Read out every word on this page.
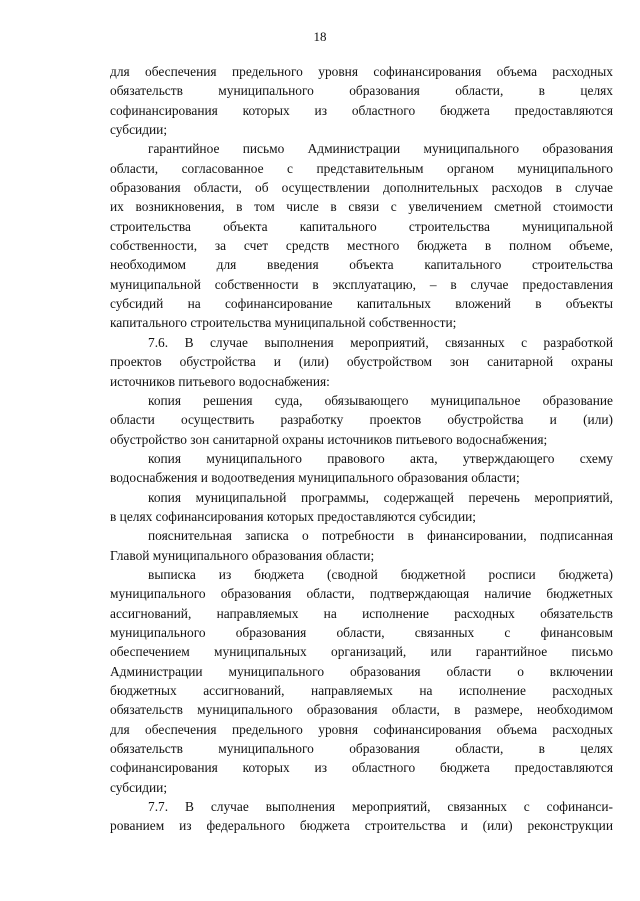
18
для обеспечения предельного уровня софинансирования объема расходных
обязательств муниципального образования области, в целях
софинансирования которых из областного бюджета предоставляются
субсидии;
гарантийное письмо Администрации муниципального образования
области, согласованное с представительным органом муниципального
образования области, об осуществлении дополнительных расходов в случае
их возникновения, в том числе в связи с увеличением сметной стоимости
строительства объекта капитального строительства муниципальной
собственности, за счет средств местного бюджета в полном объеме,
необходимом для введения объекта капитального строительства
муниципальной собственности в эксплуатацию, – в случае предоставления
субсидий на софинансирование капитальных вложений в объекты
капитального строительства муниципальной собственности;
7.6. В случае выполнения мероприятий, связанных с разработкой
проектов обустройства и (или) обустройством зон санитарной охраны
источников питьевого водоснабжения:
копия решения суда, обязывающего муниципальное образование
области осуществить разработку проектов обустройства и (или)
обустройство зон санитарной охраны источников питьевого водоснабжения;
копия муниципального правового акта, утверждающего схему
водоснабжения и водоотведения муниципального образования области;
копия муниципальной программы, содержащей перечень мероприятий,
в целях софинансирования которых предоставляются субсидии;
пояснительная записка о потребности в финансировании, подписанная
Главой муниципального образования области;
выписка из бюджета (сводной бюджетной росписи бюджета)
муниципального образования области, подтверждающая наличие бюджетных
ассигнований, направляемых на исполнение расходных обязательств
муниципального образования области, связанных с финансовым
обеспечением муниципальных организаций, или гарантийное письмо
Администрации муниципального образования области о включении
бюджетных ассигнований, направляемых на исполнение расходных
обязательств муниципального образования области, в размере, необходимом
для обеспечения предельного уровня софинансирования объема расходных
обязательств муниципального образования области, в целях
софинансирования которых из областного бюджета предоставляются
субсидии;
7.7. В случае выполнения мероприятий, связанных с софинанси-
рованием из федерального бюджета строительства и (или) реконструкции
